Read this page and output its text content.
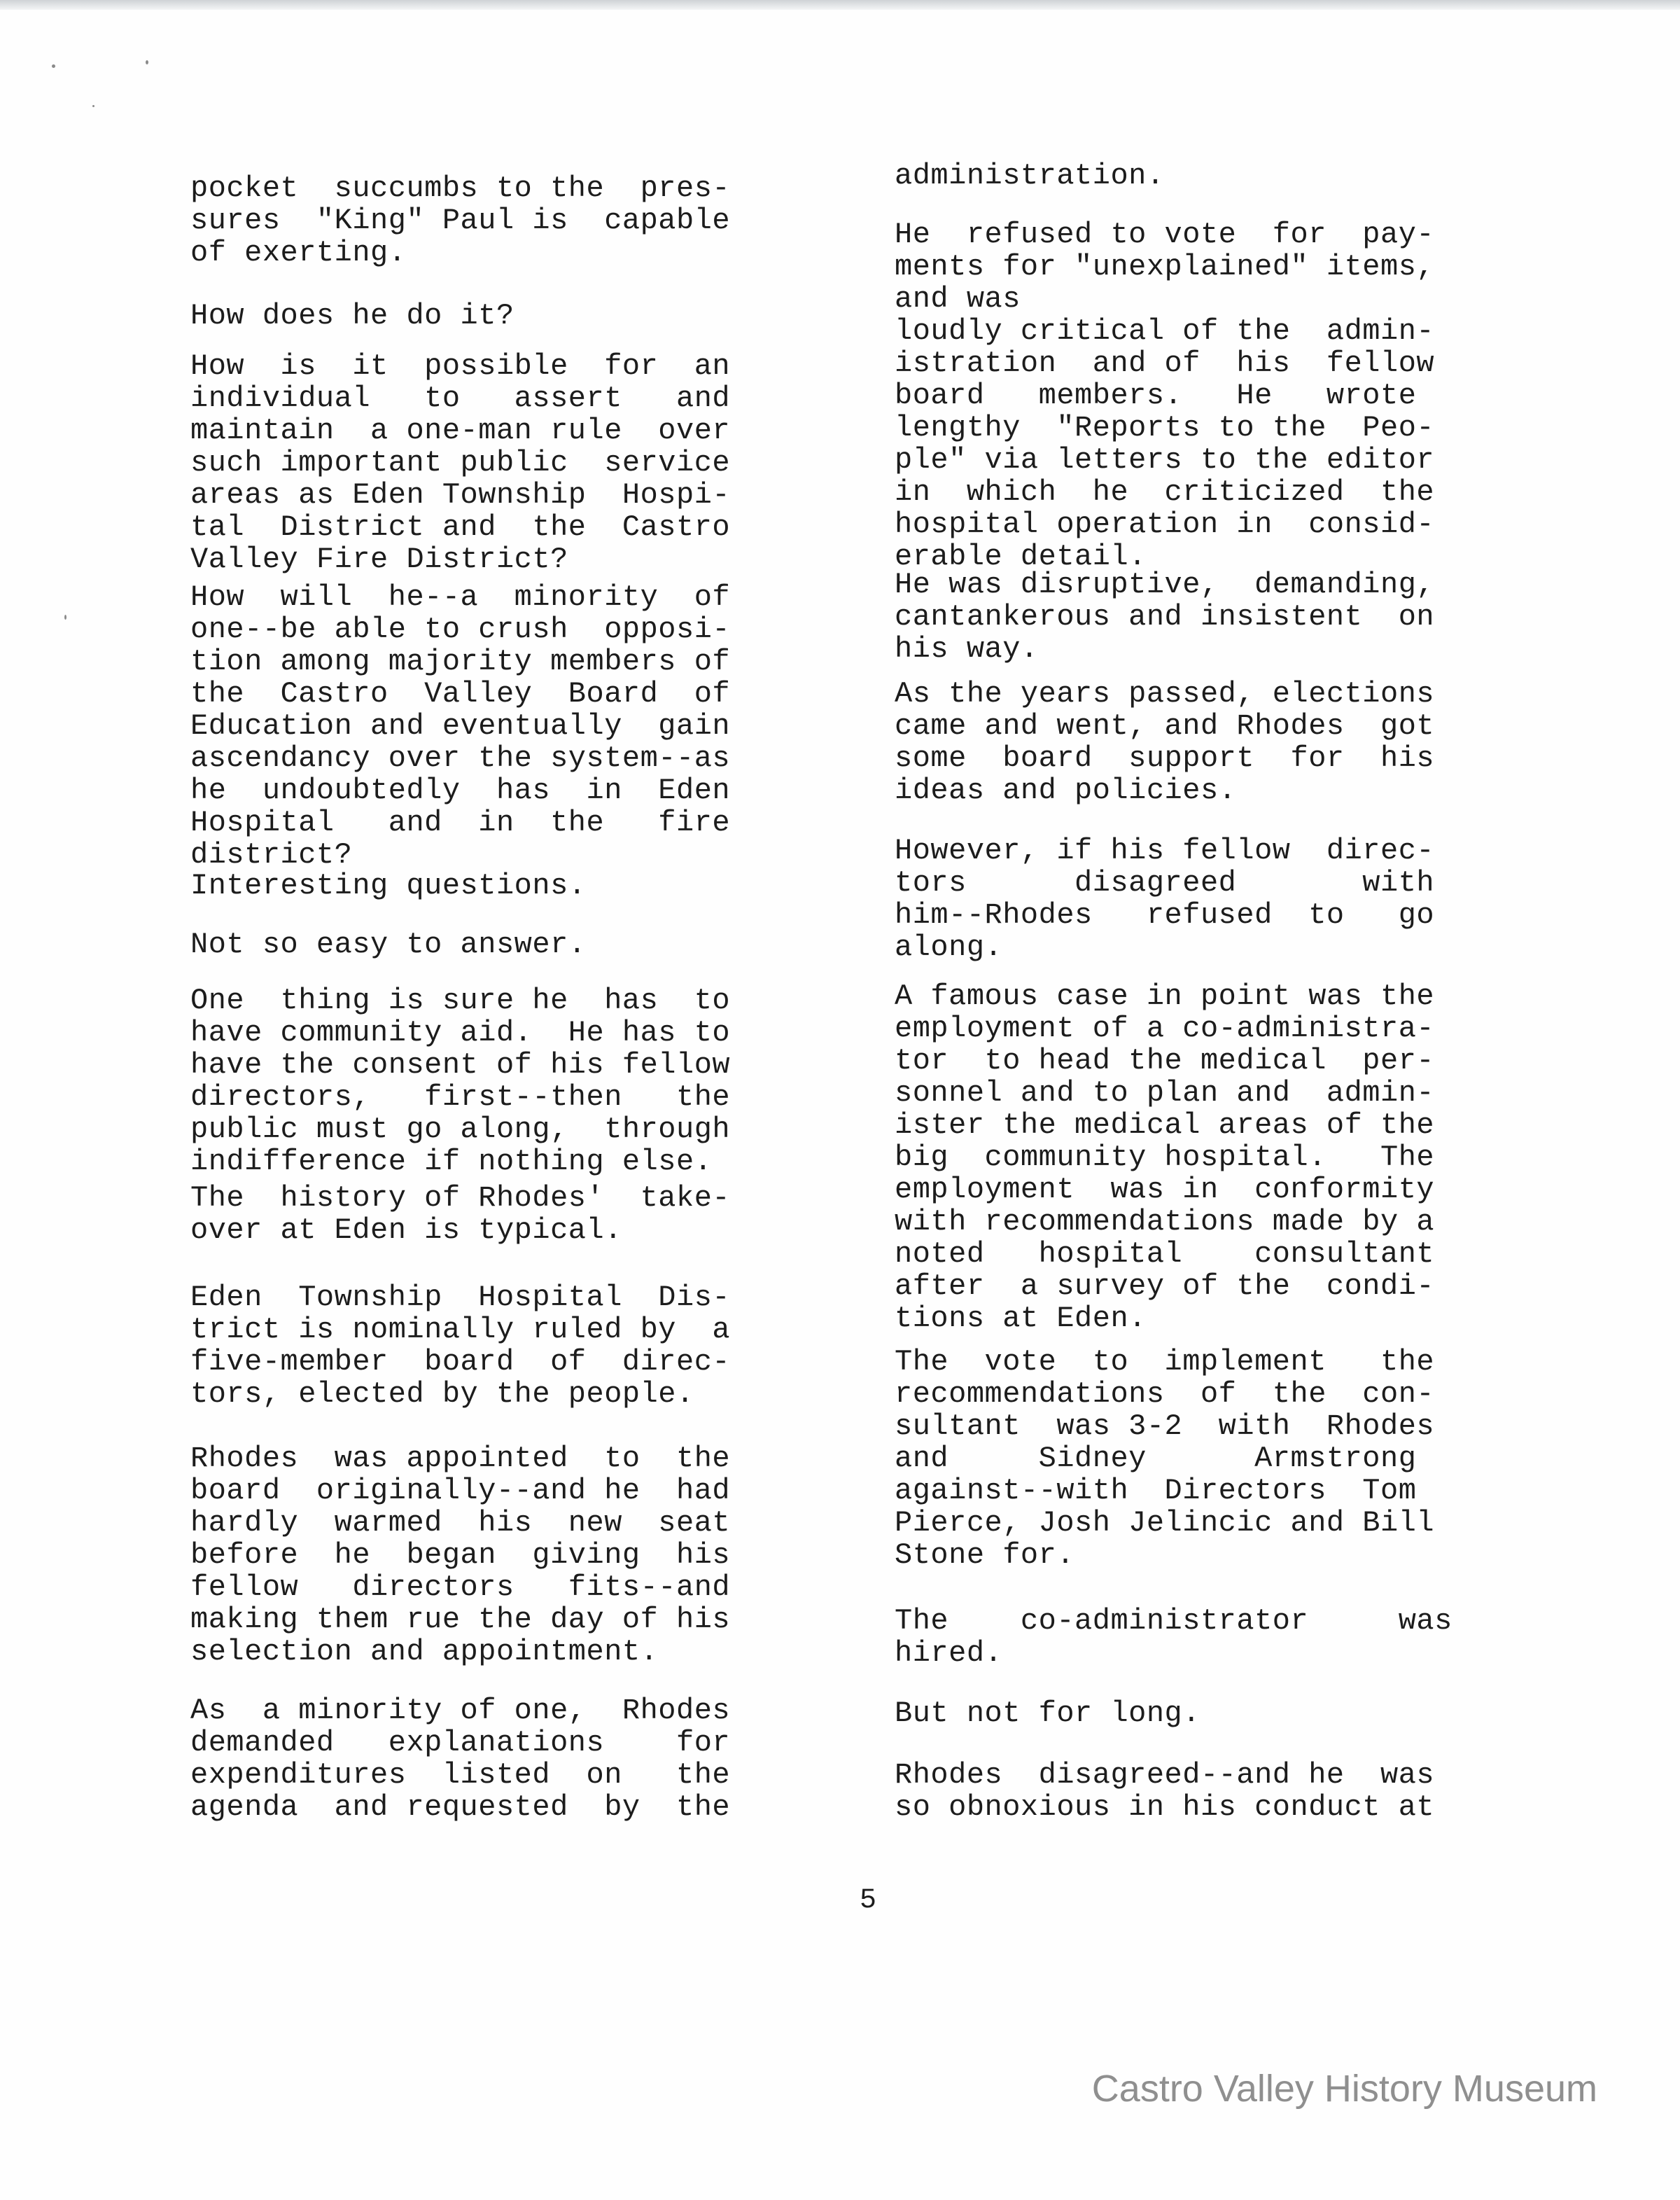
pocket  succumbs to the  pres-
sures  "King" Paul is  capable
of exerting.

How does he do it?

How  is  it  possible  for  an
individual   to   assert   and
maintain  a one-man rule  over
such important public  service
areas as Eden Township  Hospi-
tal  District and  the  Castro
Valley Fire District?

How  will  he--a  minority  of
one--be able to crush  opposi-
tion among majority members of
the  Castro  Valley  Board  of
Education and eventually  gain
ascendancy over the system--as
he  undoubtedly  has  in  Eden
Hospital   and  in  the   fire
district?

Interesting questions.

Not so easy to answer.

One  thing is sure he  has  to
have community aid.  He has to
have the consent of his fellow
directors,   first--then   the
public must go along,  through
indifference if nothing else.

The  history of Rhodes'  take-
over at Eden is typical.

Eden  Township  Hospital  Dis-
trict is nominally ruled by  a
five-member  board  of  direc-
tors, elected by the people.

Rhodes  was appointed  to  the
board  originally--and he  had
hardly  warmed  his  new  seat
before  he  began  giving  his
fellow   directors   fits--and
making them rue the day of his
selection and appointment.

As  a minority of one,  Rhodes
demanded   explanations    for
expenditures  listed  on   the
agenda  and requested  by  the

administration.

He  refused to vote  for  pay-
ments for "unexplained" items,
and was
loudly critical of the  admin-
istration  and of  his  fellow
board   members.   He   wrote
lengthy  "Reports to the  Peo-
ple" via letters to the editor
in  which  he  criticized  the
hospital operation in  consid-
erable detail.

He was disruptive,  demanding,
cantankerous and insistent  on
his way.

As the years passed, elections
came and went, and Rhodes  got
some  board  support  for  his
ideas and policies.

However, if his fellow  direc-
tors      disagreed       with
him--Rhodes   refused  to   go
along.

A famous case in point was the
employment of a co-administra-
tor  to head the medical  per-
sonnel and to plan and  admin-
ister the medical areas of the
big  community hospital.   The
employment  was in  conformity
with recommendations made by a
noted   hospital    consultant
after  a survey of the  condi-
tions at Eden.

The  vote  to  implement   the
recommendations  of  the  con-
sultant  was 3-2  with  Rhodes
and     Sidney      Armstrong
against--with  Directors  Tom
Pierce, Josh Jelincic and Bill
Stone for.

The    co-administrator     was
hired.

But not for long.

Rhodes  disagreed--and he  was
so obnoxious in his conduct at

5
Castro Valley History Museum
